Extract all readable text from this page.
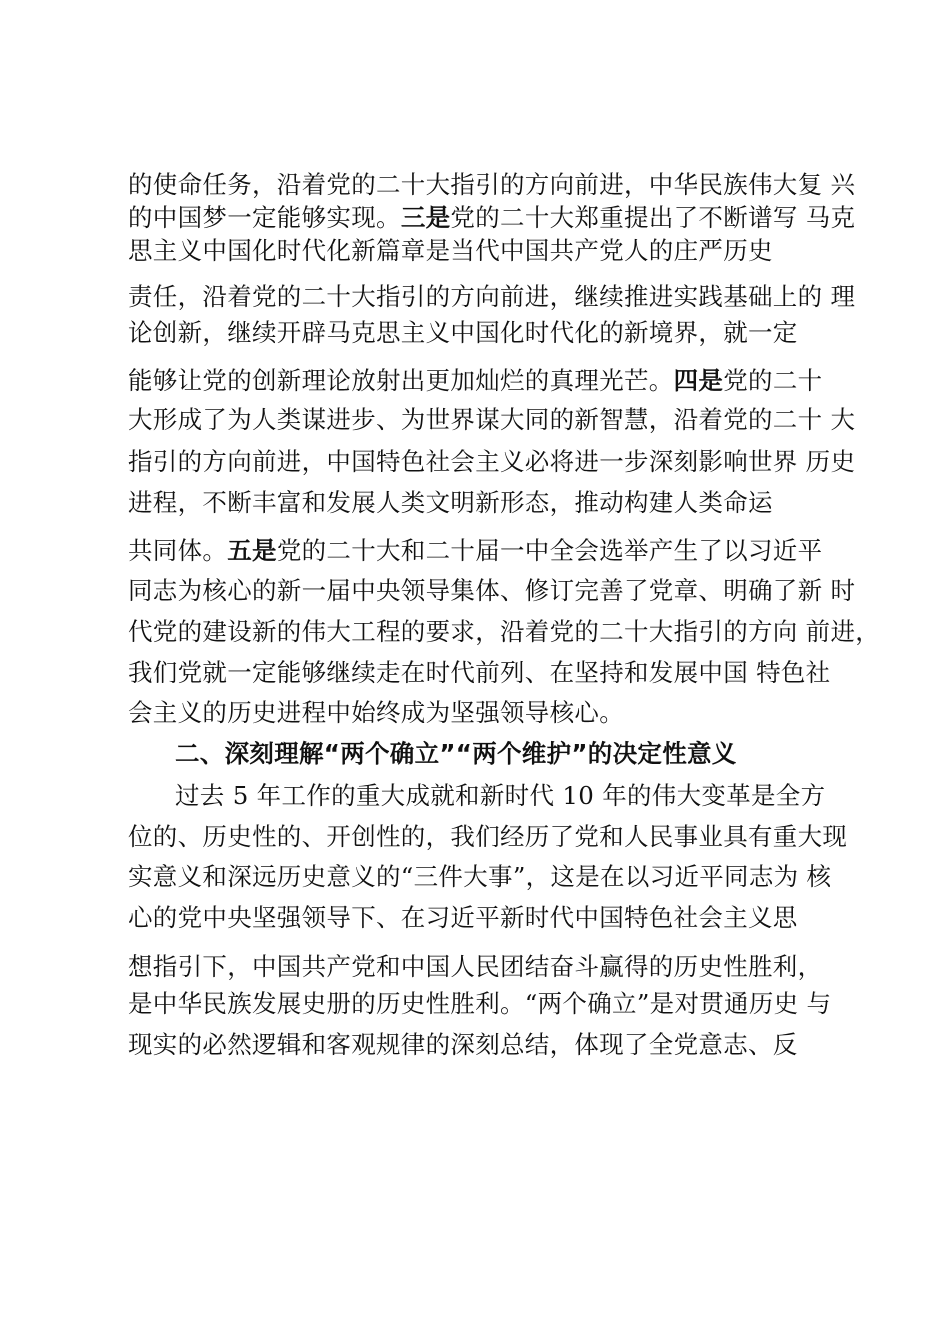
的使命任务，沿着党的二十大指引的方向前进，中华民族伟大复 兴
的中国梦一定能够实现。三是党的二十大郑重提出了不断谱写 马克
思主义中国化时代化新篇章是当代中国共产党人的庄严历史
责任，沿着党的二十大指引的方向前进，继续推进实践基础上的 理
论创新，继续开辟马克思主义中国化时代化的新境界，就一定
能够让党的创新理论放射出更加灿烂的真理光芒。四是党的二十
大形成了为人类谋进步、为世界谋大同的新智慧，沿着党的二十 大
指引的方向前进，中国特色社会主义必将进一步深刻影响世界 历史
进程，不断丰富和发展人类文明新形态，推动构建人类命运
共同体。五是党的二十大和二十届一中全会选举产生了以习近平
同志为核心的新一届中央领导集体、修订完善了党章、明确了新 时
代党的建设新的伟大工程的要求，沿着党的二十大指引的方向 前进，
我们党就一定能够继续走在时代前列、在坚持和发展中国 特色社
会主义的历史进程中始终成为坚强领导核心。
二、深刻理解“两个确立”“两个维护”的决定性意义
过去 5 年工作的重大成就和新时代 10 年的伟大变革是全方
位的、历史性的、开创性的，我们经历了党和人民事业具有重大现
实意义和深远历史意义的“三件大事”，这是在以习近平同志为 核
心的党中央坚强领导下、在习近平新时代中国特色社会主义思
想指引下，中国共产党和中国人民团结奋斗赢得的历史性胜利，
是中华民族发展史册的历史性胜利。“两个确立”是对贯通历史 与
现实的必然逻辑和客观规律的深刻总结，体现了全党意志、反
